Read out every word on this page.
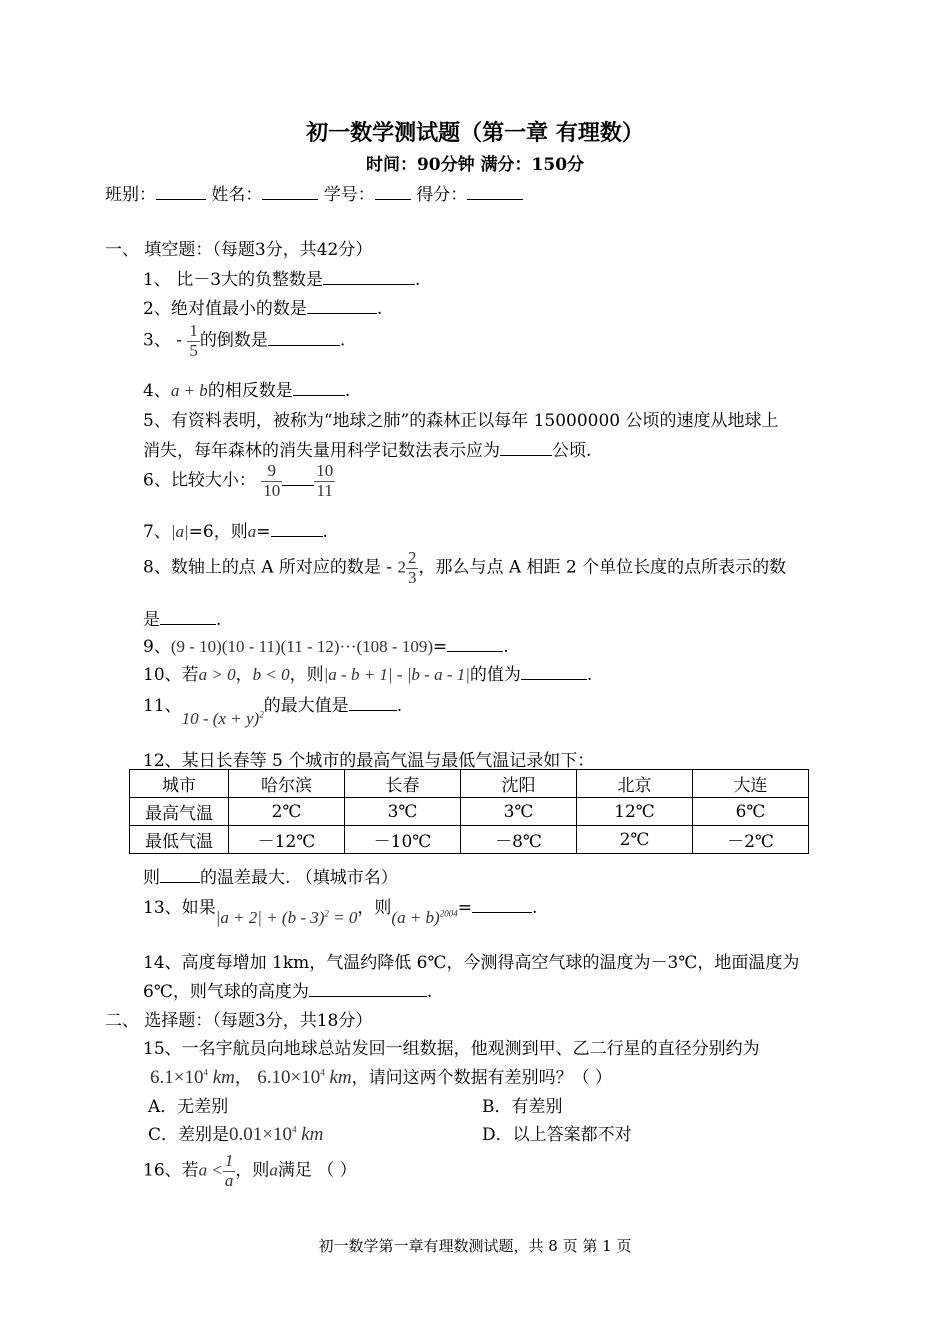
初一数学测试题（第一章 有理数）
时间：90分钟 满分：150分
班别：	姓名：	学号： 得分：
一、 填空题：（每题3分，共42分）
1、 比－3大的负整数是	.
2、绝对值最小的数是	.
3、 - $\frac{1}{5}$ 的倒数是	.
4、a + b的相反数是	.
5、有资料表明，被称为“地球之肺”的森林正以每年 15000000 公顷的速度从地球上
消失，每年森林的消失量用科学记数法表示应为	公顷.
6、比较大小： $\frac{9}{10} \frac{10}{11}$
7、|a|=6，则a=	.
8、数轴上的点 A 所对应的数是 - $2 \frac{2}{3}$ ，那么与点 A 相距 2 个单位长度的点所表示的数
是	.
9、(9 - 10)(10 - 11)(11 - 12)···(108 - 109)=	.
10、若a > 0，b < 0，则|a - b + 1| - |b - a - 1|的值为	.
11、$10 - (x + y)^2$的最大值是	.
12、某日长春等 5 个城市的最高气温与最低气温记录如下：
城市	哈尔滨	长春	沈阳	北京	大连
最高气温	2℃	3℃	3℃	12℃	6℃
最低气温	－12℃	－10℃	－8℃	2℃	－2℃
则 的温差最大. （填城市名）
13、如果|a + 2| + (b - 3)$^2$ = 0，则$(a + b)^{2004}=$	.
14、高度每增加 1km，气温约降低 6℃，今测得高空气球的温度为－3℃，地面温度为
6℃，则气球的高度为	.
二、 选择题：（每题3分，共18分）
15、一名宇航员向地球总站发回一组数据，他观测到甲、乙二行星的直径分别约为
$6.1\times 10^4$ km， $6.10\times 10^4$ km，请问这两个数据有差别吗？（ ）
A．无差别	B．有差别
C．差别是$0.01\times 10^4$ km	D．以上答案都不对
16、若$a < \frac{1}{a}$ ，则a满足 （ ）
初一数学第一章有理数测试题，共 8 页 第 1 页
